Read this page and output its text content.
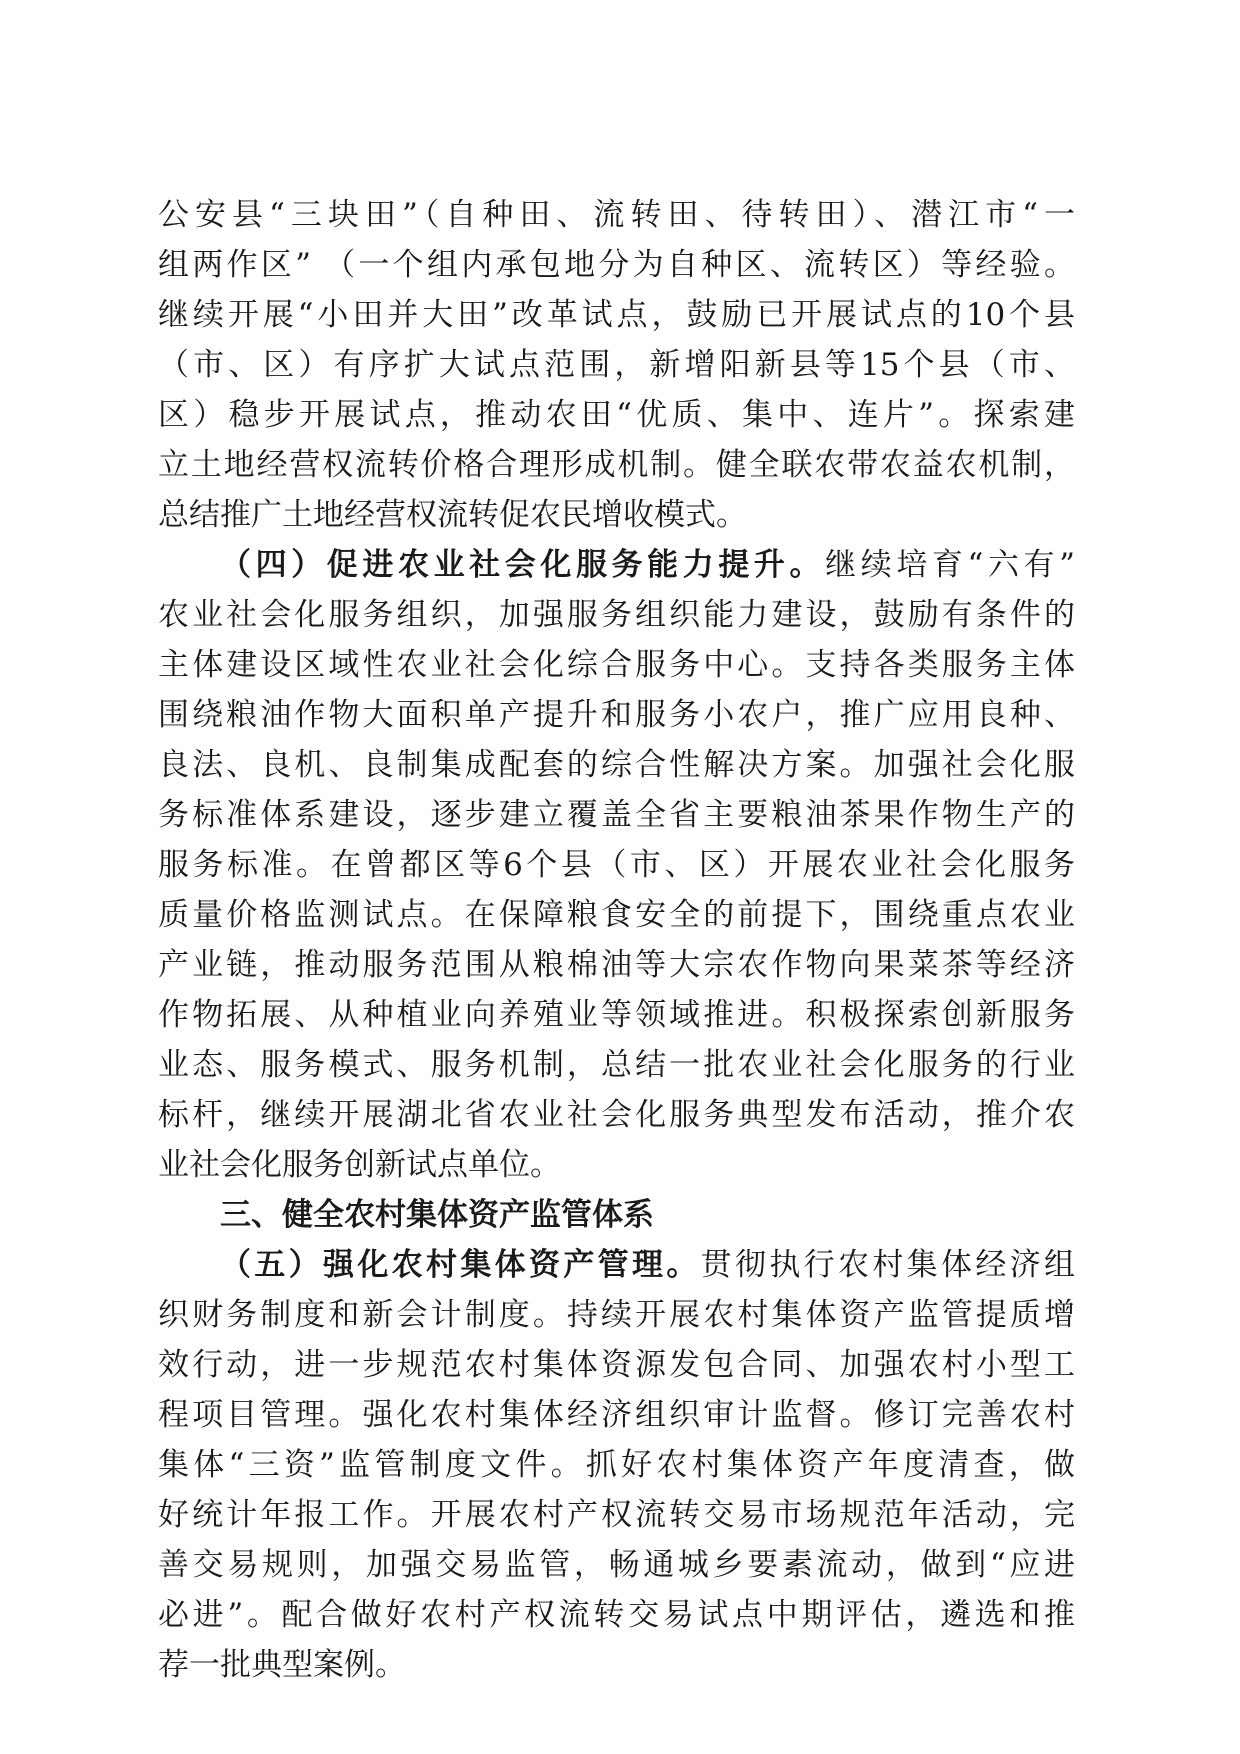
公安县“三块田”（自种田、流转田、待转田）、潜江市“一
组两作区” （一个组内承包地分为自种区、流转区）等经验。
继续开展“小田并大田”改革试点，鼓励已开展试点的10个县
（市、区）有序扩大试点范围，新增阳新县等15个县（市、
区）稳步开展试点，推动农田“优质、集中、连片”。探索建
立土地经营权流转价格合理形成机制。健全联农带农益农机制，
总结推广土地经营权流转促农民增收模式。
（四）促进农业社会化服务能力提升。继续培育“六有”
农业社会化服务组织，加强服务组织能力建设，鼓励有条件的
主体建设区域性农业社会化综合服务中心。支持各类服务主体
围绕粮油作物大面积单产提升和服务小农户，推广应用良种、
良法、良机、良制集成配套的综合性解决方案。加强社会化服
务标准体系建设，逐步建立覆盖全省主要粮油茶果作物生产的
服务标准。在曾都区等6个县（市、区）开展农业社会化服务
质量价格监测试点。在保障粮食安全的前提下，围绕重点农业
产业链，推动服务范围从粮棉油等大宗农作物向果菜茶等经济
作物拓展、从种植业向养殖业等领域推进。积极探索创新服务
业态、服务模式、服务机制，总结一批农业社会化服务的行业
标杆，继续开展湖北省农业社会化服务典型发布活动，推介农
业社会化服务创新试点单位。
三、健全农村集体资产监管体系
（五）强化农村集体资产管理。贯彻执行农村集体经济组
织财务制度和新会计制度。持续开展农村集体资产监管提质增
效行动，进一步规范农村集体资源发包合同、加强农村小型工
程项目管理。强化农村集体经济组织审计监督。修订完善农村
集体“三资”监管制度文件。抓好农村集体资产年度清查，做
好统计年报工作。开展农村产权流转交易市场规范年活动，完
善交易规则，加强交易监管，畅通城乡要素流动，做到“应进
必进”。配合做好农村产权流转交易试点中期评估，遴选和推
荐一批典型案例。
